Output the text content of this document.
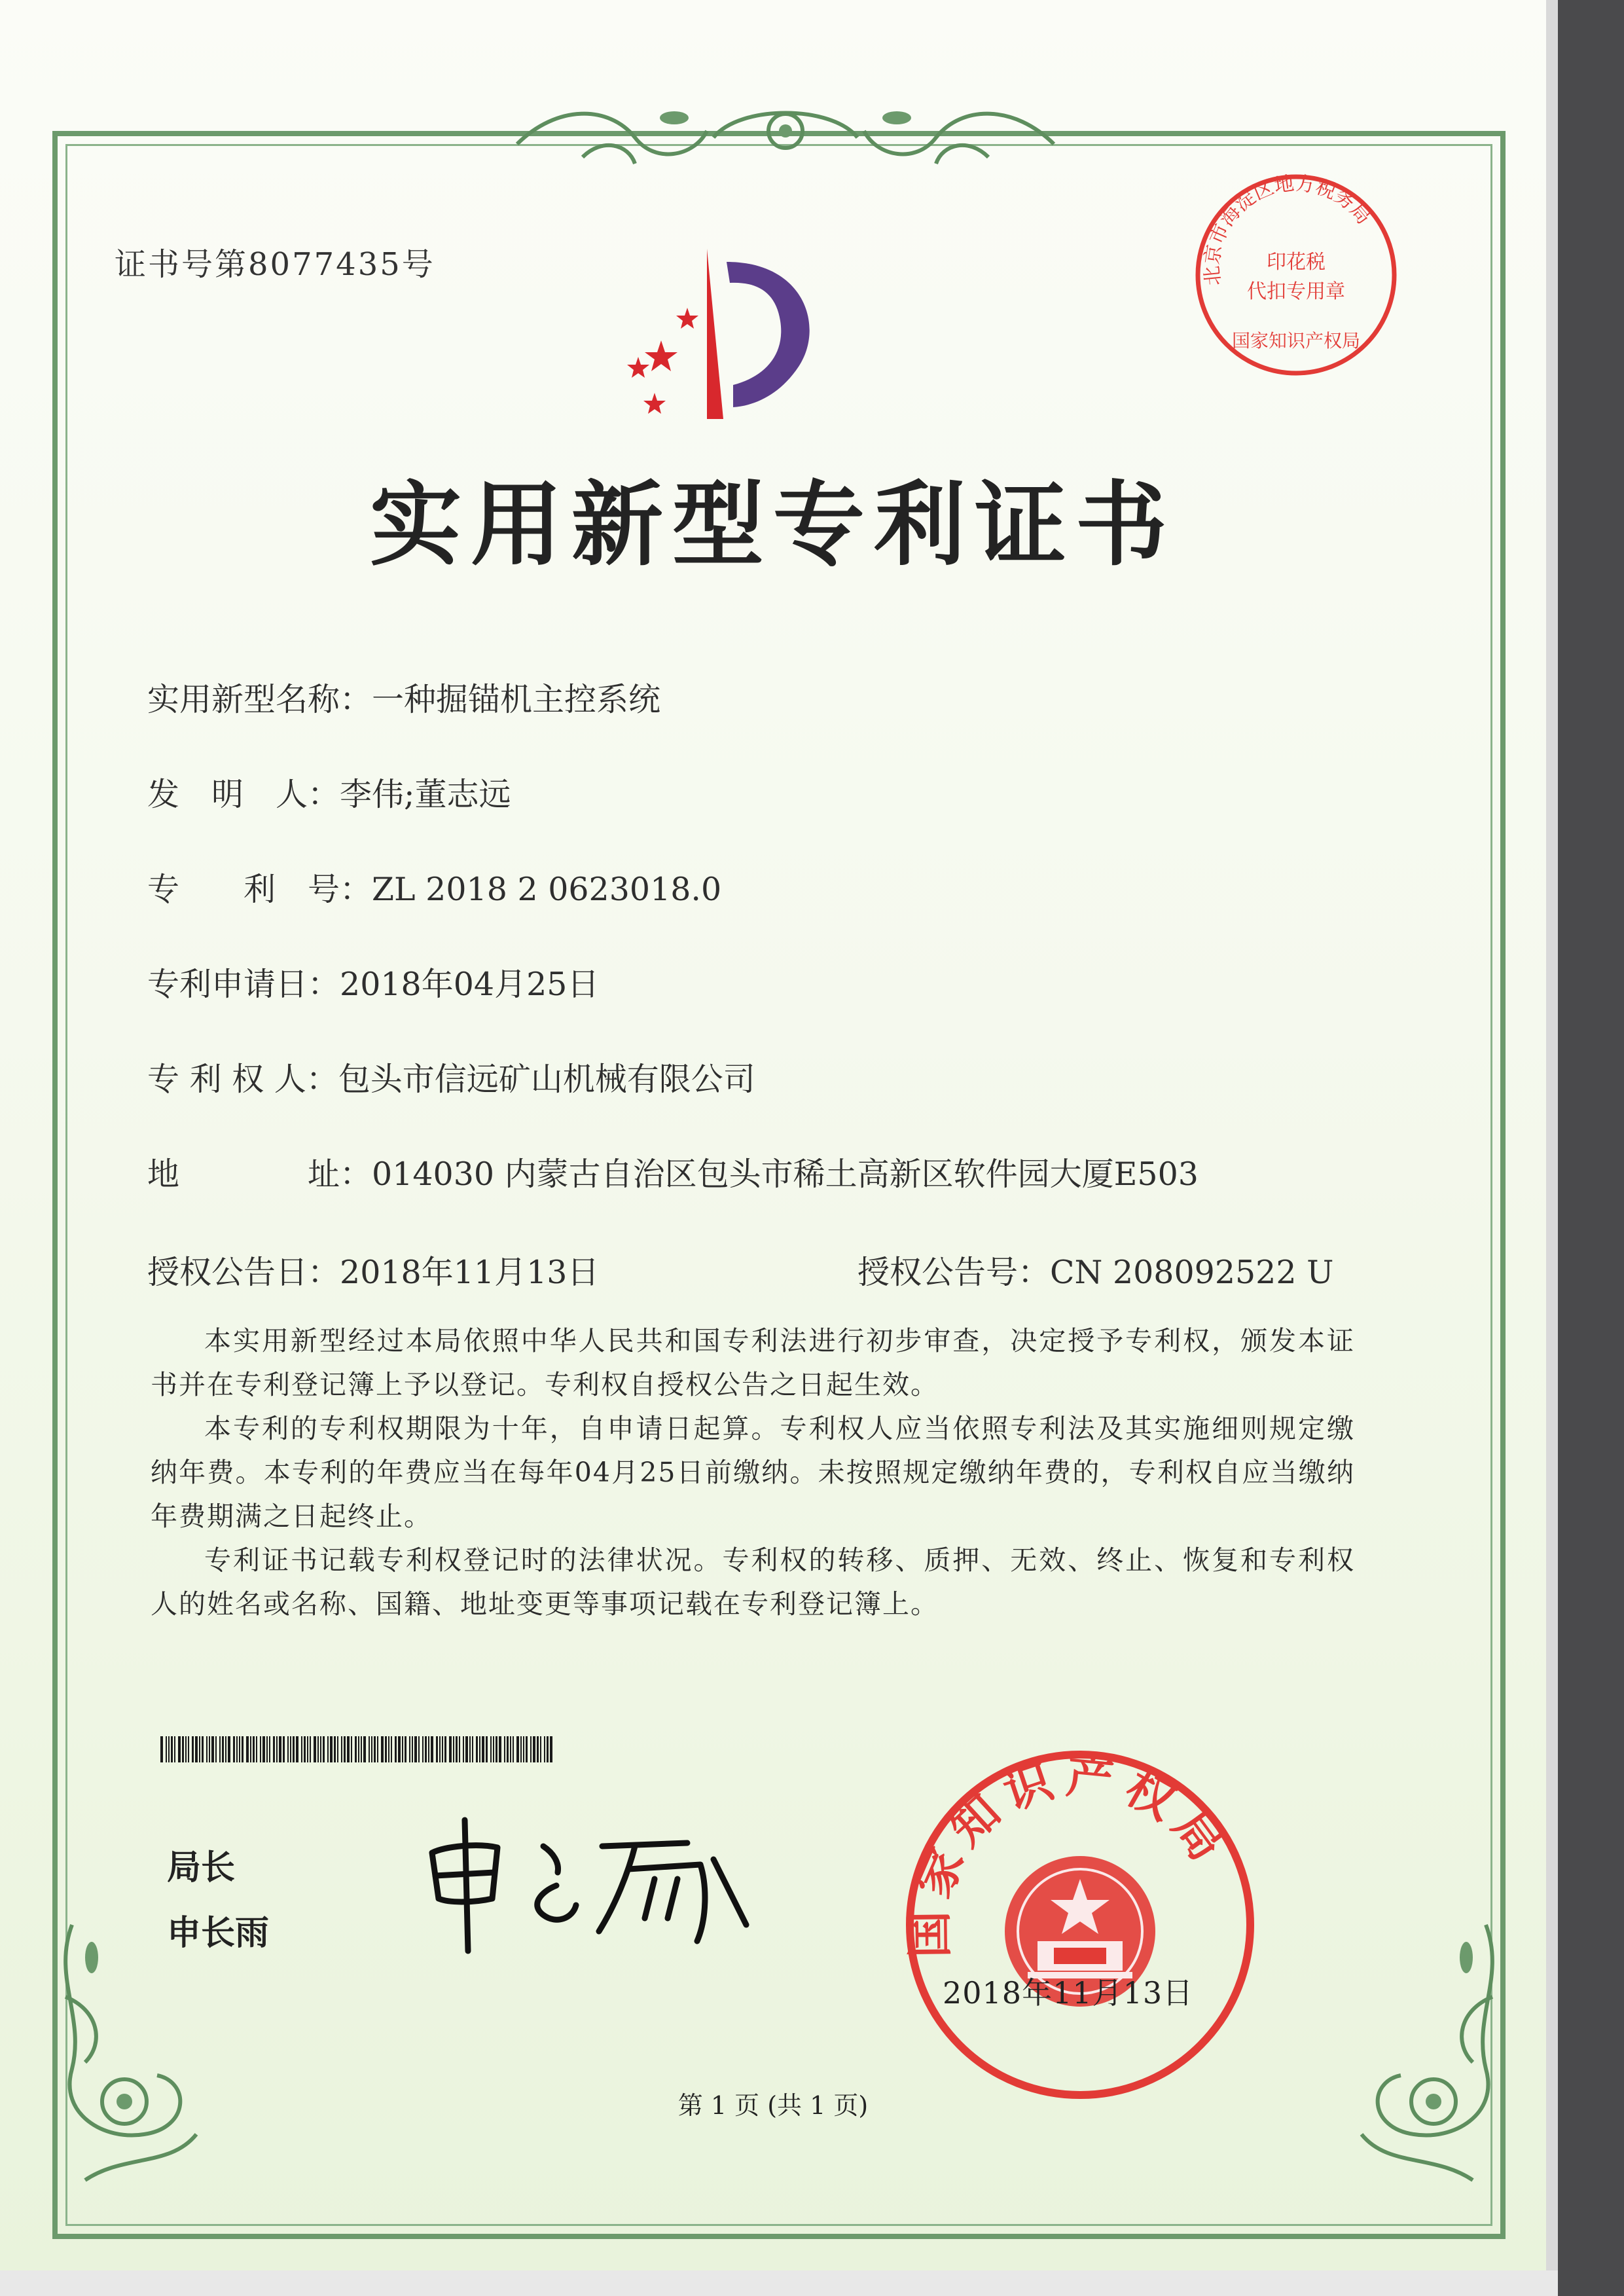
证书号第8077435号	北京市海淀区地方税务局
印花税
代扣专用章
国家知识产权局
实用新型专利证书
实用新型名称：一种掘锚机主控系统
发　明　人：李伟;董志远
专　　利　号：ZL 2018 2 0623018.0
专利申请日：2018年04月25日
专 利 权 人：包头市信远矿山机械有限公司
地　　　　址：014030 内蒙古自治区包头市稀土高新区软件园大厦E503
授权公告日：2018年11月13日	授权公告号：CN 208092522 U

本实用新型经过本局依照中华人民共和国专利法进行初步审查，决定授予专利权，颁发本证书并在专利登记簿上予以登记。专利权自授权公告之日起生效。

本专利的专利权期限为十年，自申请日起算。专利权人应当依照专利法及其实施细则规定缴纳年费。本专利的年费应当在每年04月25日前缴纳。未按照规定缴纳年费的，专利权自应当缴纳年费期满之日起终止。

专利证书记载专利权登记时的法律状况。专利权的转移、质押、无效、终止、恢复和专利权人的姓名或名称、国籍、地址变更等事项记载在专利登记簿上。

局长
申长雨	国家知识产权局
2018年11月13日
第 1 页 (共 1 页)
